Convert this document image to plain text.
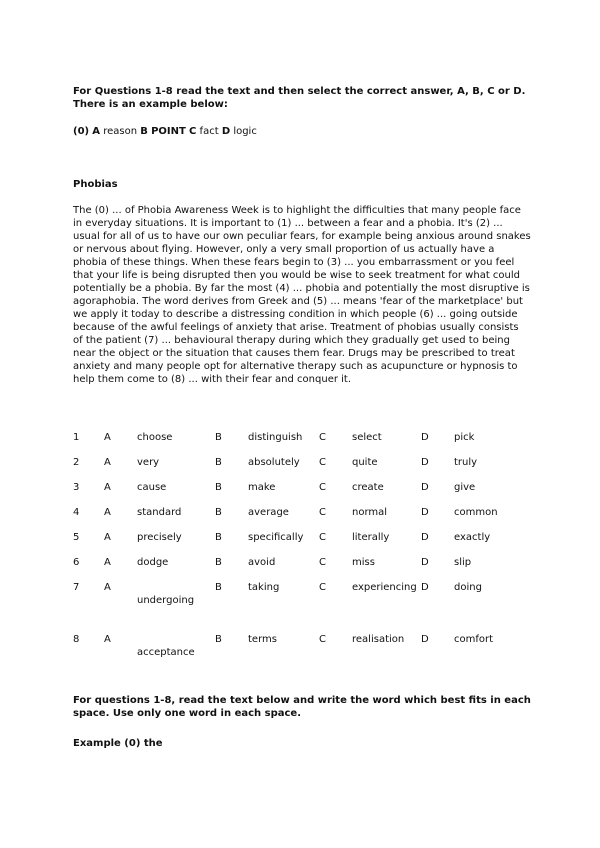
For Questions 1-8 read the text and then select the correct answer, A, B, C or D. There is an example below:

(0) A reason B POINT C fact D logic

Phobias

The (0) ... of Phobia Awareness Week is to highlight the difficulties that many people face in everyday situations. It is important to (1) ... between a fear and a phobia. It's (2) ... usual for all of us to have our own peculiar fears, for example being anxious around snakes or nervous about flying. However, only a very small proportion of us actually have a phobia of these things. When these fears begin to (3) ... you embarrassment or you feel that your life is being disrupted then you would be wise to seek treatment for what could potentially be a phobia. By far the most (4) ... phobia and potentially the most disruptive is agoraphobia. The word derives from Greek and (5) ... means 'fear of the marketplace' but we apply it today to describe a distressing condition in which people (6) ... going outside because of the awful feelings of anxiety that arise. Treatment of phobias usually consists of the patient (7) ... behavioural therapy during which they gradually get used to being near the object or the situation that causes them fear. Drugs may be prescribed to treat anxiety and many people opt for alternative therapy such as acupuncture or hypnosis to help them come to (8) ... with their fear and conquer it.

1	A	choose	B	distinguish	C	select	D	pick
2	A	very	B	absolutely	C	quite	D	truly
3	A	cause	B	make	C	create	D	give
4	A	standard	B	average	C	normal	D	common
5	A	precisely	B	specifically	C	literally	D	exactly
6	A	dodge	B	avoid	C	miss	D	slip
7	A	undergoing	B	taking	C	experiencing	D	doing
8	A	acceptance	B	terms	C	realisation	D	comfort

For questions 1-8, read the text below and write the word which best fits in each space. Use only one word in each space.

Example (0) the
